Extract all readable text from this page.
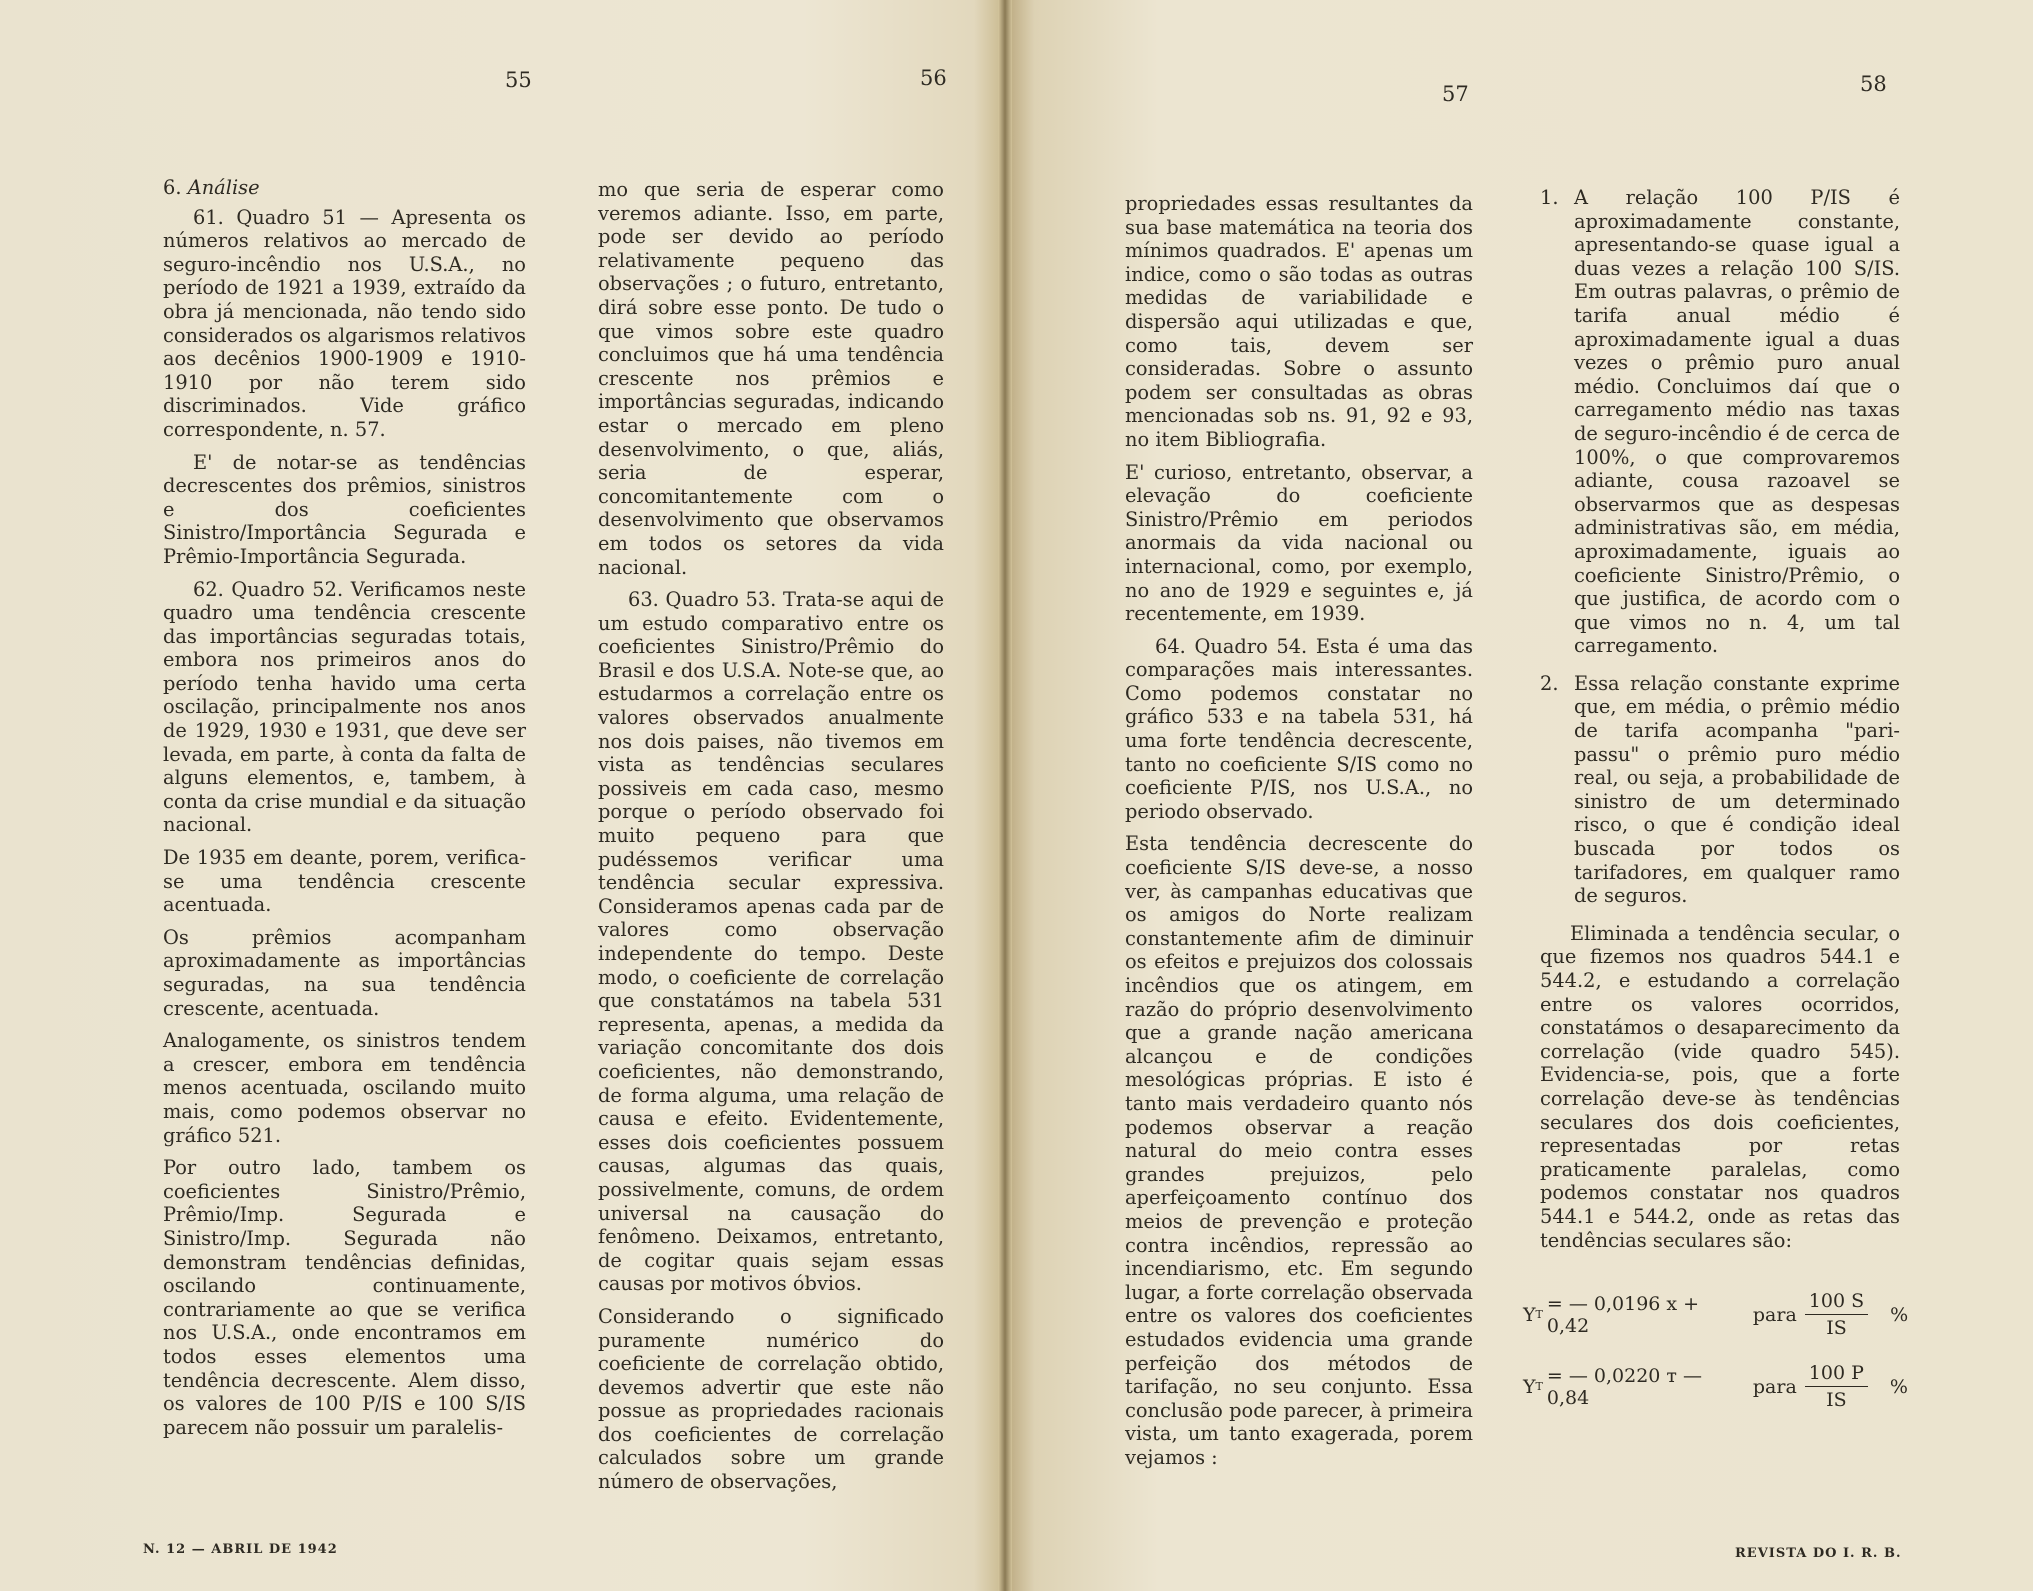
55	56
57	58

6. Análise

61. Quadro 51 — Apresenta os números relativos ao mercado de seguro-incêndio nos U.S.A., no período de 1921 a 1939, extraído da obra já mencionada, não tendo sido considerados os algarismos relativos aos decênios 1900-1909 e 1910-1910 por não terem sido discriminados. Vide gráfico correspondente, n. 57.

E' de notar-se as tendências decrescentes dos prêmios, sinistros e dos coeficientes Sinistro/Importância Segurada e Prêmio-Importância Segurada.

62. Quadro 52. Verificamos neste quadro uma tendência crescente das importâncias seguradas totais, embora nos primeiros anos do período tenha havido uma certa oscilação, principalmente nos anos de 1929, 1930 e 1931, que deve ser levada, em parte, à conta da falta de alguns elementos, e, tambem, à conta da crise mundial e da situação nacional.

De 1935 em deante, porem, verifica-se uma tendência crescente acentuada.

Os prêmios acompanham aproximadamente as importâncias seguradas, na sua tendência crescente, acentuada.

Analogamente, os sinistros tendem a crescer, embora em tendência menos acentuada, oscilando muito mais, como podemos observar no gráfico 521.

Por outro lado, tambem os coeficientes Sinistro/Prêmio, Prêmio/Imp. Segurada e Sinistro/Imp. Segurada não demonstram tendências definidas, oscilando continuamente, contrariamente ao que se verifica nos U.S.A., onde encontramos em todos esses elementos uma tendência decrescente. Alem disso, os valores de 100 P/IS e 100 S/IS parecem não possuir um paralelis-

mo que seria de esperar como veremos adiante. Isso, em parte, pode ser devido ao período relativamente pequeno das observações ; o futuro, entretanto, dirá sobre esse ponto. De tudo o que vimos sobre este quadro concluimos que há uma tendência crescente nos prêmios e importâncias seguradas, indicando estar o mercado em pleno desenvolvimento, o que, aliás, seria de esperar, concomitantemente com o desenvolvimento que observamos em todos os setores da vida nacional.

63. Quadro 53. Trata-se aqui de um estudo comparativo entre os coeficientes Sinistro/Prêmio do Brasil e dos U.S.A. Note-se que, ao estudarmos a correlação entre os valores observados anualmente nos dois paises, não tivemos em vista as tendências seculares possiveis em cada caso, mesmo porque o período observado foi muito pequeno para que pudéssemos verificar uma tendência secular expressiva. Consideramos apenas cada par de valores como observação independente do tempo. Deste modo, o coeficiente de correlação que constatámos na tabela 531 representa, apenas, a medida da variação concomitante dos dois coeficientes, não demonstrando, de forma alguma, uma relação de causa e efeito. Evidentemente, esses dois coeficientes possuem causas, algumas das quais, possivelmente, comuns, de ordem universal na causação do fenômeno. Deixamos, entretanto, de cogitar quais sejam essas causas por motivos óbvios.

Considerando o significado puramente numérico do coeficiente de correlação obtido, devemos advertir que este não possue as propriedades racionais dos coeficientes de correlação calculados sobre um grande número de observações,

propriedades essas resultantes da sua base matemática na teoria dos mínimos quadrados. E' apenas um indice, como o são todas as outras medidas de variabilidade e dispersão aqui utilizadas e que, como tais, devem ser consideradas. Sobre o assunto podem ser consultadas as obras mencionadas sob ns. 91, 92 e 93, no item Bibliografia.

E' curioso, entretanto, observar, a elevação do coeficiente Sinistro/Prêmio em periodos anormais da vida nacional ou internacional, como, por exemplo, no ano de 1929 e seguintes e, já recentemente, em 1939.

64. Quadro 54. Esta é uma das comparações mais interessantes. Como podemos constatar no gráfico 533 e na tabela 531, há uma forte tendência decrescente, tanto no coeficiente S/IS como no coeficiente P/IS, nos U.S.A., no periodo observado.

Esta tendência decrescente do coeficiente S/IS deve-se, a nosso ver, às campanhas educativas que os amigos do Norte realizam constantemente afim de diminuir os efeitos e prejuizos dos colossais incêndios que os atingem, em razão do próprio desenvolvimento que a grande nação americana alcançou e de condições mesológicas próprias. E isto é tanto mais verdadeiro quanto nós podemos observar a reação natural do meio contra esses grandes prejuizos, pelo aperfeiçoamento contínuo dos meios de prevenção e proteção contra incêndios, repressão ao incendiarismo, etc. Em segundo lugar, a forte correlação observada entre os valores dos coeficientes estudados evidencia uma grande perfeição dos métodos de tarifação, no seu conjunto. Essa conclusão pode parecer, à primeira vista, um tanto exagerada, porem vejamos :

1. A relação 100 P/IS é aproximadamente constante, apresentando-se quase igual a duas vezes a relação 100 S/IS. Em outras palavras, o prêmio de tarifa anual médio é aproximadamente igual a duas vezes o prêmio puro anual médio. Concluimos daí que o carregamento médio nas taxas de seguro-incêndio é de cerca de 100%, o que comprovaremos adiante, cousa razoavel se observarmos que as despesas administrativas são, em média, aproximadamente, iguais ao coeficiente Sinistro/Prêmio, o que justifica, de acordo com o que vimos no n. 4, um tal carregamento.
2. Essa relação constante exprime que, em média, o prêmio médio de tarifa acompanha "pari-passu" o prêmio puro médio real, ou seja, a probabilidade de sinistro de um determinado risco, o que é condição ideal buscada por todos os tarifadores, em qualquer ramo de seguros.

Eliminada a tendência secular, o que fizemos nos quadros 544.1 e 544.2, e estudando a correlação entre os valores ocorridos, constatámos o desaparecimento da correlação (vide quadro 545). Evidencia-se, pois, que a forte correlação deve-se às tendências seculares dos dois coeficientes, representadas por retas praticamente paralelas, como podemos constatar nos quadros 544.1 e 544.2, onde as retas das tendências seculares são:

Y T = — 0,0196 x + 0,42	para $\frac{100 S}{IS}$ %
Y T = — 0,0220 т — 0,84	para $\frac{100 P}{IS}$ %
N. 12 — ABRIL DE 1942	REVISTA DO I. R. B.
